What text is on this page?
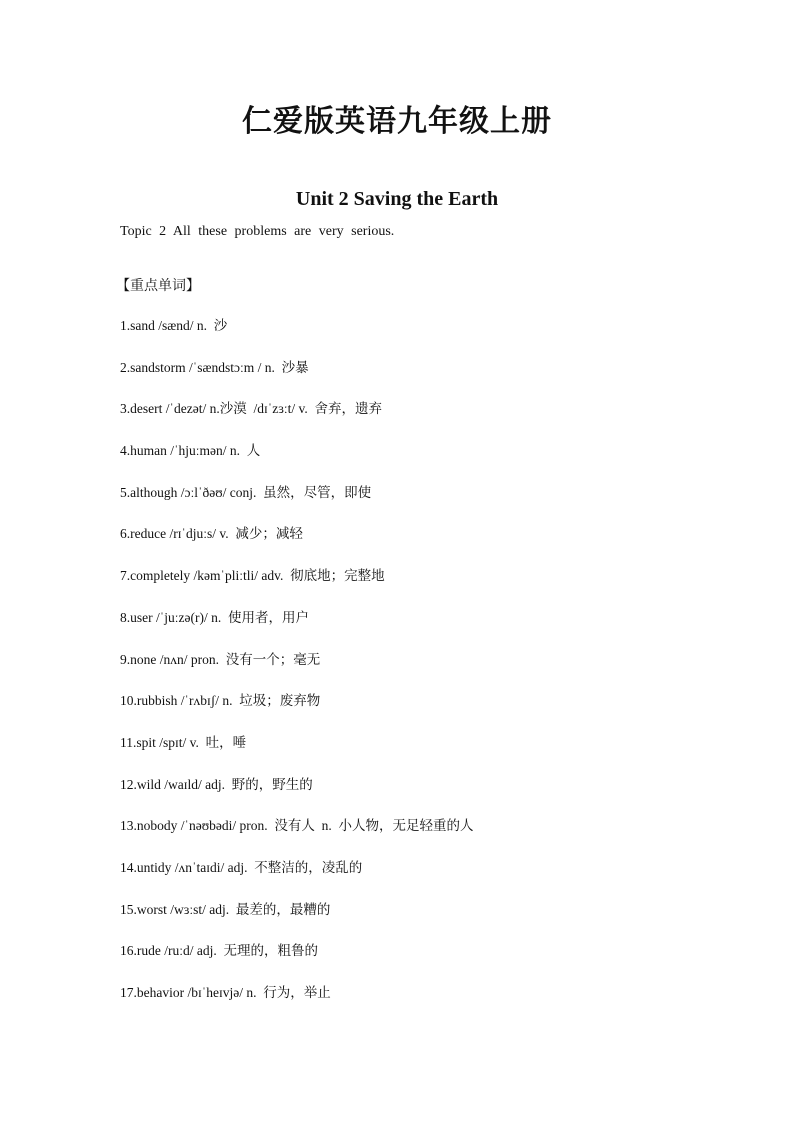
仁爱版英语九年级上册
Unit 2 Saving the Earth
Topic 2 All these problems are very serious.
【重点单词】
1.sand /sænd/ n. 沙
2.sandstorm /ˈsændstɔːm / n. 沙暴
3.desert /ˈdezət/ n.沙漠 /dɪˈzɜːt/ v. 舍弃，遗弃
4.human /ˈhjuːmən/ n. 人
5.although /ɔːlˈðəʊ/ conj. 虽然，尽管，即使
6.reduce /rɪˈdjuːs/ v. 减少；减轻
7.completely /kəmˈpliːtli/ adv. 彻底地；完整地
8.user /ˈjuːzə(r)/ n. 使用者，用户
9.none /nʌn/ pron. 没有一个；毫无
10.rubbish /ˈrʌbɪʃ/ n. 垃圾；废弃物
11.spit /spɪt/ v. 吐，唾
12.wild /waɪld/ adj. 野的，野生的
13.nobody /ˈnəʊbədi/ pron. 没有人 n. 小人物，无足轻重的人
14.untidy /ʌnˈtaɪdi/ adj. 不整洁的，凌乱的
15.worst /wɜːst/ adj. 最差的，最糟的
16.rude /ruːd/ adj. 无理的，粗鲁的
17.behavior /bɪˈheɪvjə/ n. 行为，举止
